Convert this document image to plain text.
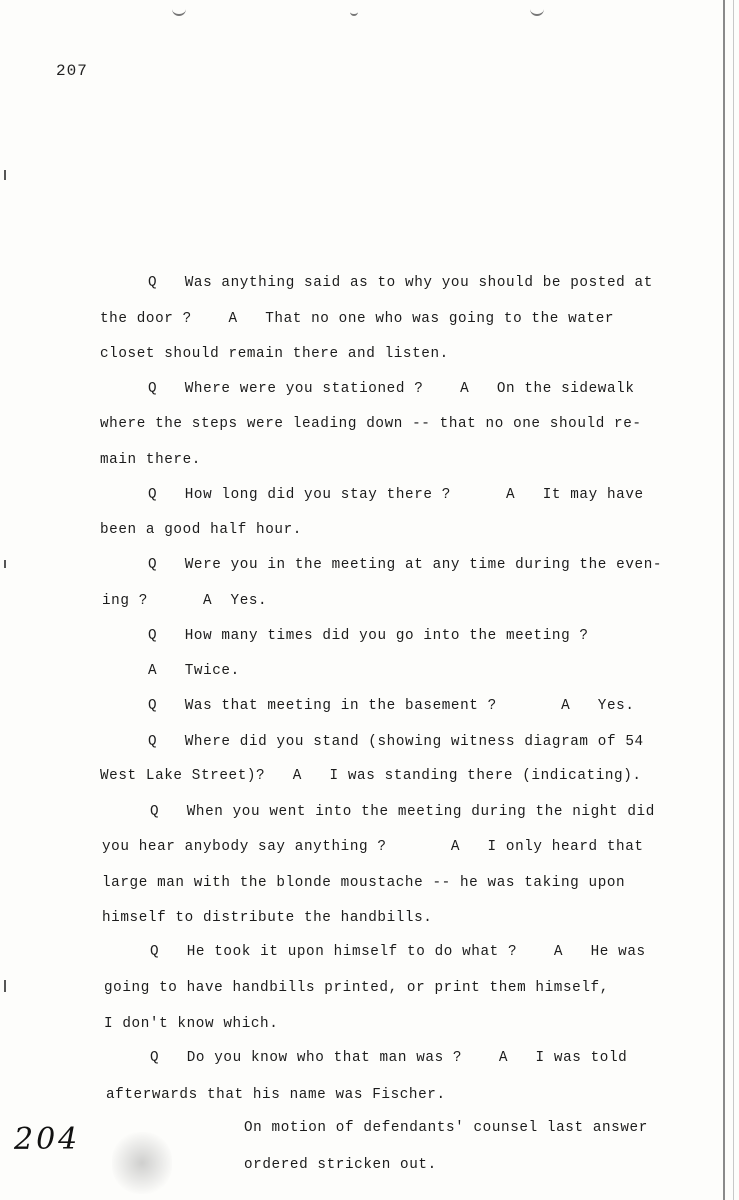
207
Q   Was anything said as to why you should be posted at
the door ?    A   That no one who was going to the water
closet should remain there and listen.
Q   Where were you stationed ?    A   On the sidewalk
where the steps were leading down -- that no one should re-
main there.
Q   How long did you stay there ?      A   It may have
been a good half hour.
Q   Were you in the meeting at any time during the even-
ing ?      A  Yes.
Q   How many times did you go into the meeting ?
A   Twice.
Q   Was that meeting in the basement ?       A   Yes.
Q   Where did you stand (showing witness diagram of 54
West Lake Street)?   A   I was standing there (indicating).
Q   When you went into the meeting during the night did
you hear anybody say anything ?       A   I only heard that
large man with the blonde moustache -- he was taking upon
himself to distribute the handbills.
Q   He took it upon himself to do what ?    A   He was
going to have handbills printed, or print them himself,
I don't know which.
Q   Do you know who that man was ?    A   I was told
afterwards that his name was Fischer.
On motion of defendants' counsel last answer
ordered stricken out.
204
